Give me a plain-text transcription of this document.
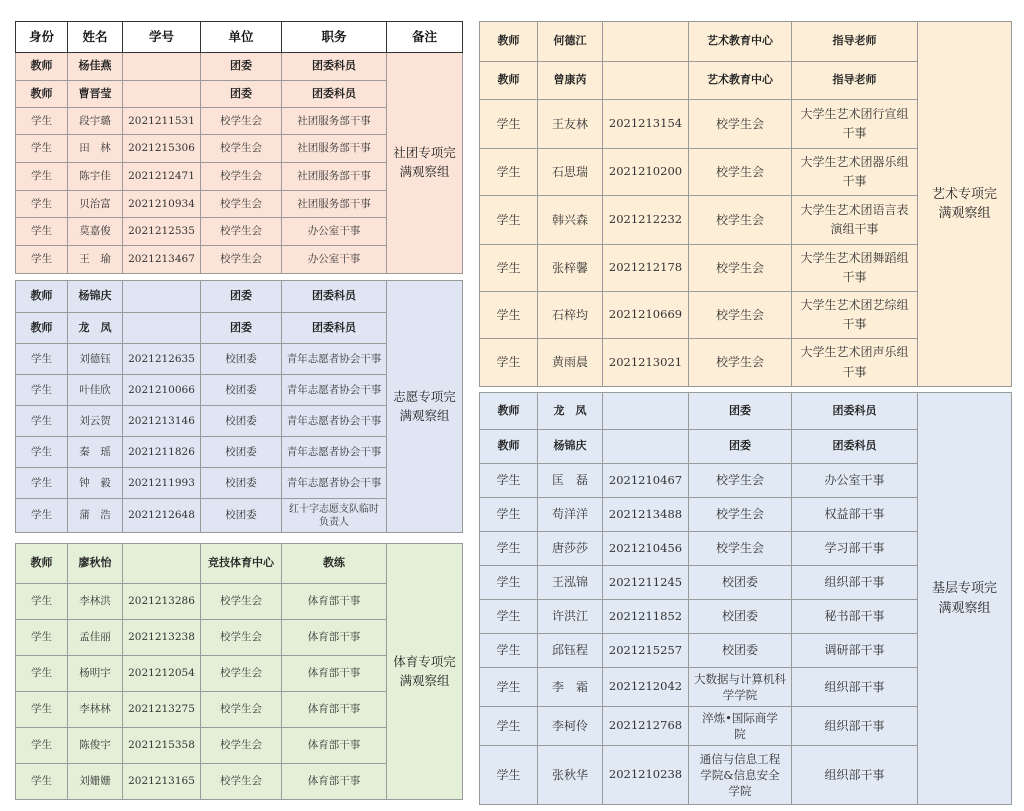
身份	姓名	学号	单位	职务	备注
教师	杨佳燕		团委	团委科员	社团专项完满观察组
教师	曹晋莹		团委	团委科员	
学生	段宇璐	2021211531	校学生会	社团服务部干事	
学生	田　林	2021215306	校学生会	社团服务部干事	
学生	陈宇佳	2021212471	校学生会	社团服务部干事	
学生	贝治富	2021210934	校学生会	社团服务部干事	
学生	莫嘉俊	2021212535	校学生会	办公室干事	
学生	王　瑜	2021213467	校学生会	办公室干事	
教师	杨锦庆		团委	团委科员	志愿专项完满观察组
教师	龙　凤		团委	团委科员	
学生	刘德钰	2021212635	校团委	青年志愿者协会干事	
学生	叶佳欣	2021210066	校团委	青年志愿者协会干事	
学生	刘云贺	2021213146	校团委	青年志愿者协会干事	
学生	秦　瑶	2021211826	校团委	青年志愿者协会干事	
学生	钟　毅	2021211993	校团委	青年志愿者协会干事	
学生	蒲　浩	2021212648	校团委	红十字志愿支队临时负责人	
教师	廖秋怡		竞技体育中心	教练	体育专项完满观察组
学生	李林洪	2021213286	校学生会	体育部干事	
学生	孟佳丽	2021213238	校学生会	体育部干事	
学生	杨明宇	2021212054	校学生会	体育部干事	
学生	李林林	2021213275	校学生会	体育部干事	
学生	陈俊宇	2021215358	校学生会	体育部干事	
学生	刘姗姗	2021213165	校学生会	体育部干事	
教师	何德江		艺术教育中心	指导老师	艺术专项完满观察组
教师	曾康芮		艺术教育中心	指导老师	
学生	王友林	2021213154	校学生会	大学生艺术团行宣组干事	
学生	石思瑞	2021210200	校学生会	大学生艺术团器乐组干事	
学生	韩兴森	2021212232	校学生会	大学生艺术团语言表演组干事	
学生	张梓馨	2021212178	校学生会	大学生艺术团舞蹈组干事	
学生	石梓均	2021210669	校学生会	大学生艺术团艺综组干事	
学生	黄雨晨	2021213021	校学生会	大学生艺术团声乐组干事	
教师	龙　凤		团委	团委科员	基层专项完满观察组
教师	杨锦庆		团委	团委科员	
学生	匡　磊	2021210467	校学生会	办公室干事	
学生	苟洋洋	2021213488	校学生会	权益部干事	
学生	唐莎莎	2021210456	校学生会	学习部干事	
学生	王泓锦	2021211245	校团委	组织部干事	
学生	许洪江	2021211852	校团委	秘书部干事	
学生	邱钰程	2021215257	校团委	调研部干事	
学生	李　霜	2021212042	大数据与计算机科学学院	组织部干事	
学生	李柯伶	2021212768	淬炼•国际商学院	组织部干事	
学生	张秋华	2021210238	通信与信息工程学院&信息安全学院	组织部干事	
